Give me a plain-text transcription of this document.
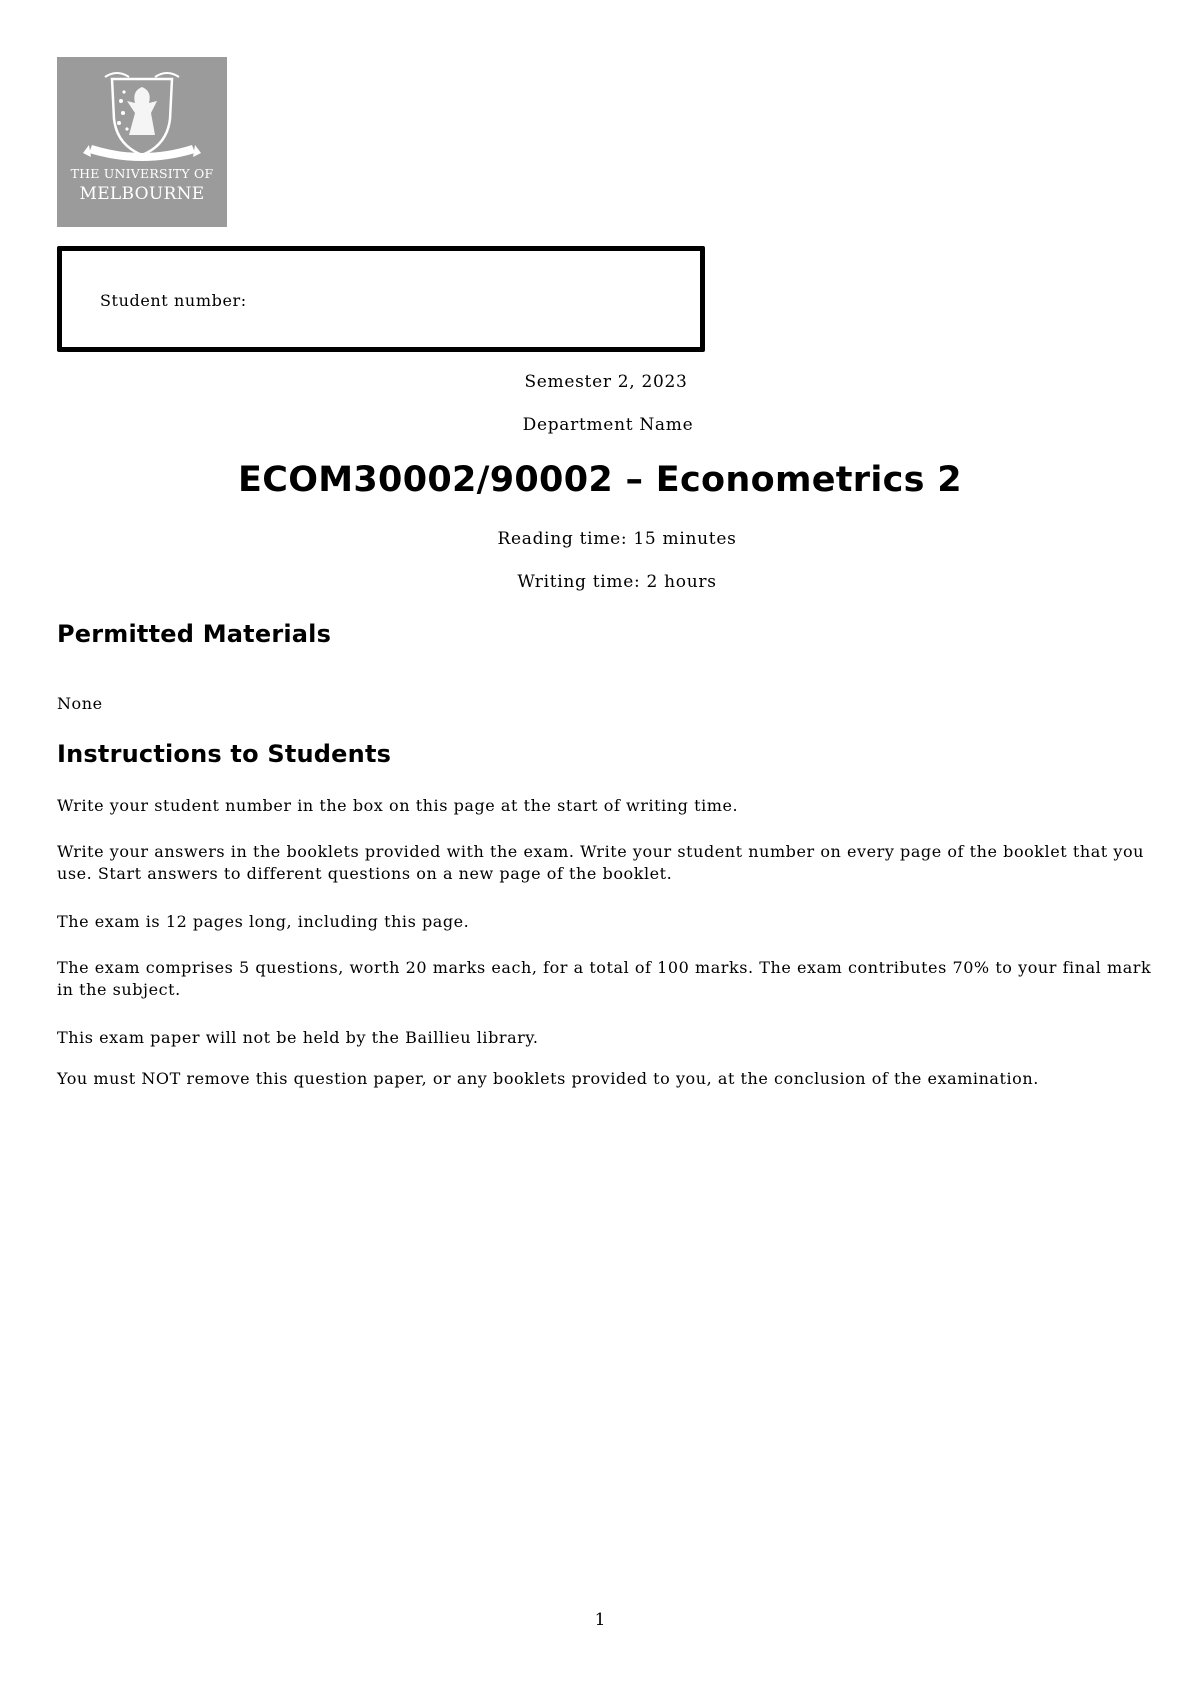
THE UNIVERSITY OF
MELBOURNE
Student number:
Semester 2, 2023
Department Name
ECOM30002/90002 – Econometrics 2
Reading time: 15 minutes
Writing time: 2 hours
Permitted Materials
None
Instructions to Students
Write your student number in the box on this page at the start of writing time.
Write your answers in the booklets provided with the exam. Write your student number on every page of the booklet that you use. Start answers to different questions on a new page of the booklet.
The exam is 12 pages long, including this page.
The exam comprises 5 questions, worth 20 marks each, for a total of 100 marks. The exam contributes 70% to your final mark in the subject.
This exam paper will not be held by the Baillieu library.
You must NOT remove this question paper, or any booklets provided to you, at the conclusion of the examination.
1
